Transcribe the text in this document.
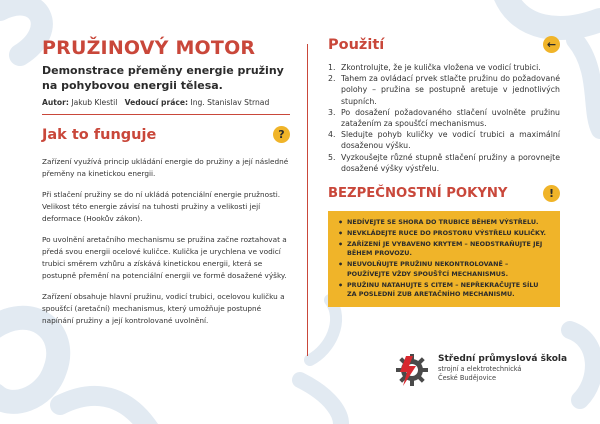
PRUŽINOVÝ MOTOR
Demonstrace přeměny energie pružiny na pohybovou energii tělesa.
Autor: Jakub Klestil Vedoucí práce: Ing. Stanislav Strnad
Jak to funguje	?

Zařízení využívá princip ukládání energie do pružiny a její následné přeměny na kinetickou energii.

Při stlačení pružiny se do ní ukládá potenciální energie pružnosti. Velikost této energie závisí na tuhosti pružiny a velikosti její deformace (Hookův zákon).

Po uvolnění aretačního mechanismu se pružina začne roztahovat a předá svou energii ocelové kuličce. Kulička je urychlena ve vodicí trubici směrem vzhůru a získává kinetickou energii, která se postupně přemění na potenciální energii ve formě dosažené výšky.

Zařízení obsahuje hlavní pružinu, vodicí trubici, ocelovou kuličku a spoušťcí (aretační) mechanismus, který umožňuje postupné napínání pružiny a její kontrolované uvolnění.

Použití	←
1. Zkontrolujte, že je kulička vložena ve vodicí trubici.
2. Tahem za ovládací prvek stlačte pružinu do požadované polohy – pružina se postupně aretuje v jednotlivých stupních.
3. Po dosažení požadovaného stlačení uvolněte pružinu zatažením za spoušťcí mechanismus.
4. Sledujte pohyb kuličky ve vodicí trubici a maximální dosaženou výšku.
5. Vyzkoušejte různé stupně stlačení pružiny a porovnejte dosažené výšky výstřelu.
BEZPEČNOSTNÍ POKYNY	!
• NEDÍVEJTE SE SHORA DO TRUBICE BĚHEM VÝSTŘELU.
• NEVKLÁDEJTE RUCE DO PROSTORU VÝSTŘELU KULIČKY.
• ZAŘÍZENÍ JE VYBAVENO KRYTEM – NEODSTRAŇUJTE JEJ BĚHEM PROVOZU.
• NEUVOLŇUJTE PRUŽINU NEKONTROLOVANĚ – POUŽÍVEJTE VŽDY SPOUŠŤCÍ MECHANISMUS.
• PRUŽINU NATAHUJTE S CITEM – NEPŘEKRAČUJTE SÍLU ZA POSLEDNÍ ZUB ARETAČNÍHO MECHANISMU.
Střední průmyslová škola
strojní a elektrotechnická
České Budějovice
